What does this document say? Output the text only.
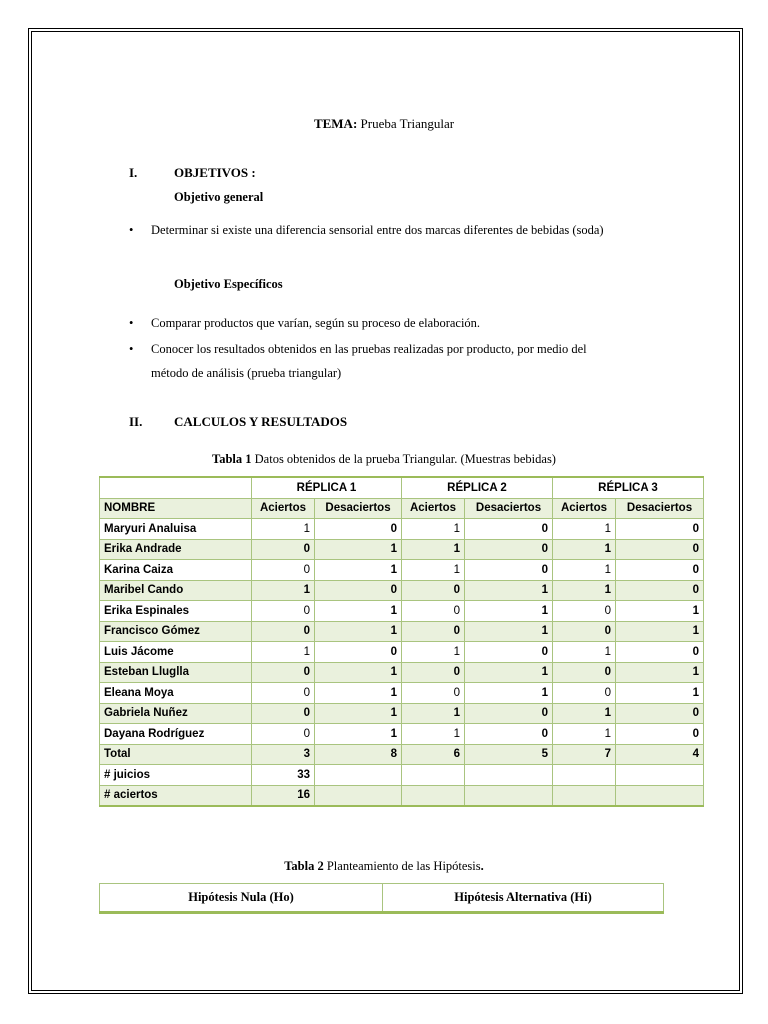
TEMA: Prueba Triangular
I.	OBJETIVOS :
Objetivo general
• Determinar si existe una diferencia sensorial entre dos marcas diferentes de bebidas (soda)
Objetivo Específicos
• Comparar productos que varían, según su proceso de elaboración.
• Conocer los resultados obtenidos en las pruebas realizadas por producto, por medio del
método de análisis (prueba triangular)
II. CALCULOS Y RESULTADOS
Tabla 1 Datos obtenidos de la prueba Triangular. (Muestras bebidas)
	RÉPLICA 1		RÉPLICA 2		RÉPLICA 3	
NOMBRE	Aciertos	Desaciertos	Aciertos	Desaciertos	Aciertos	Desaciertos
Maryuri Analuisa	1	0	1	0	1	0
Erika Andrade	0	1	1	0	1	0
Karina Caiza	0	1	1	0	1	0
Maribel Cando	1	0	0	1	1	0
Erika Espinales	0	1	0	1	0	1
Francisco Gómez	0	1	0	1	0	1
Luis Jácome	1	0	1	0	1	0
Esteban Lluglla	0	1	0	1	0	1
Eleana Moya	0	1	0	1	0	1
Gabriela Nuñez	0	1	1	0	1	0
Dayana Rodríguez	0	1	1	0	1	0
Total	3	8	6	5	7	4
# juicios	33					
# aciertos	16					
Tabla 2 Planteamiento de las Hipótesis.
Hipótesis Nula (Ho)	Hipótesis Alternativa (Hi)
